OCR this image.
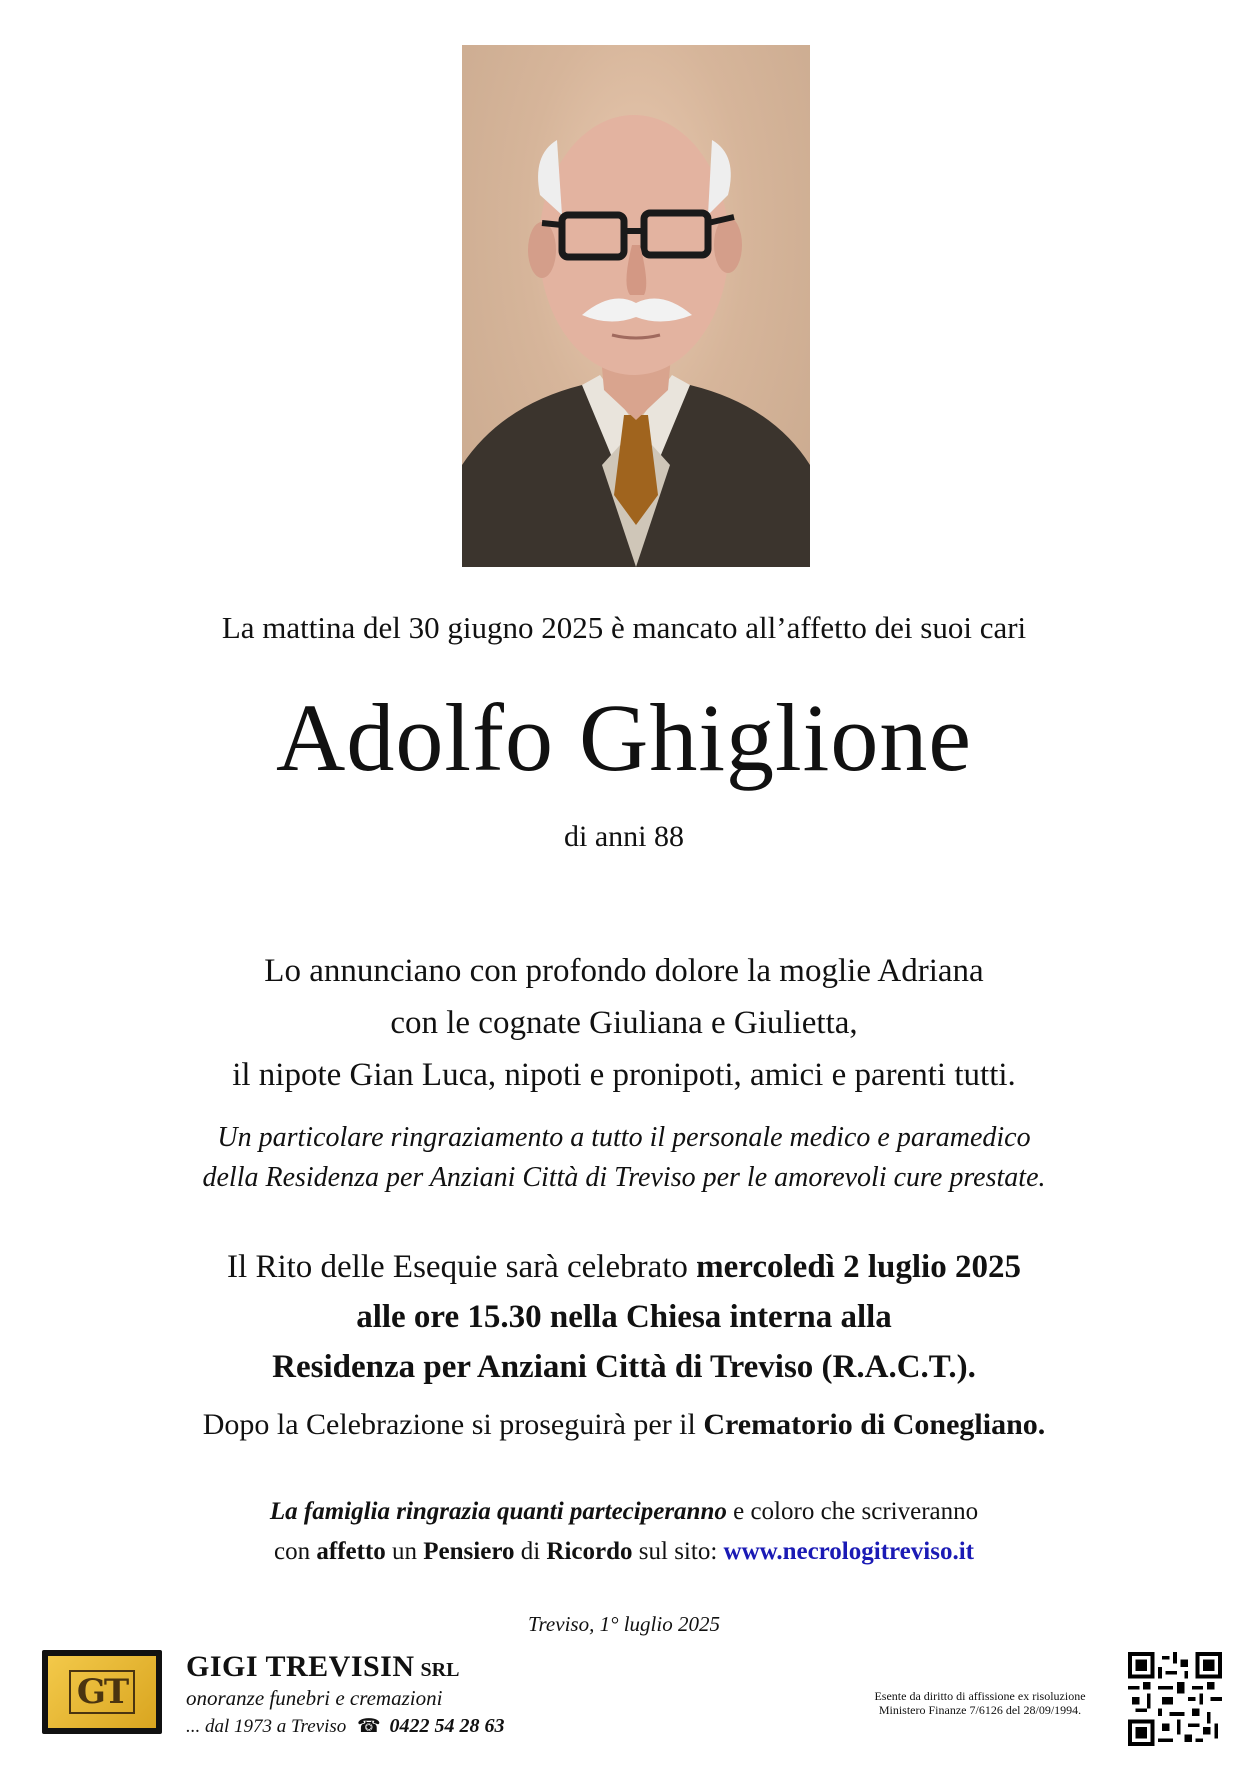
La mattina del 30 giugno 2025 è mancato all’affetto dei suoi cari
Adolfo Ghiglione
di anni 88
Lo annunciano con profondo dolore la moglie Adriana
con le cognate Giuliana e Giulietta,
il nipote Gian Luca, nipoti e pronipoti, amici e parenti tutti.
Un particolare ringraziamento a tutto il personale medico e paramedico
della Residenza per Anziani Città di Treviso per le amorevoli cure prestate.
Il Rito delle Esequie sarà celebrato mercoledì 2 luglio 2025
alle ore 15.30 nella Chiesa interna alla
Residenza per Anziani Città di Treviso (R.A.C.T.).
Dopo la Celebrazione si proseguirà per il Crematorio di Conegliano.
La famiglia ringrazia quanti parteciperanno e coloro che scriveranno
con affetto un Pensiero di Ricordo sul sito: www.necrologitreviso.it
Treviso, 1° luglio 2025
GT
GIGI TREVISIN SRL
onoranze funebri e cremazioni
... dal 1973 a Treviso ☎ 0422 54 28 63
Esente da diritto di affissione ex risoluzione
Ministero Finanze 7/6126 del 28/09/1994.
